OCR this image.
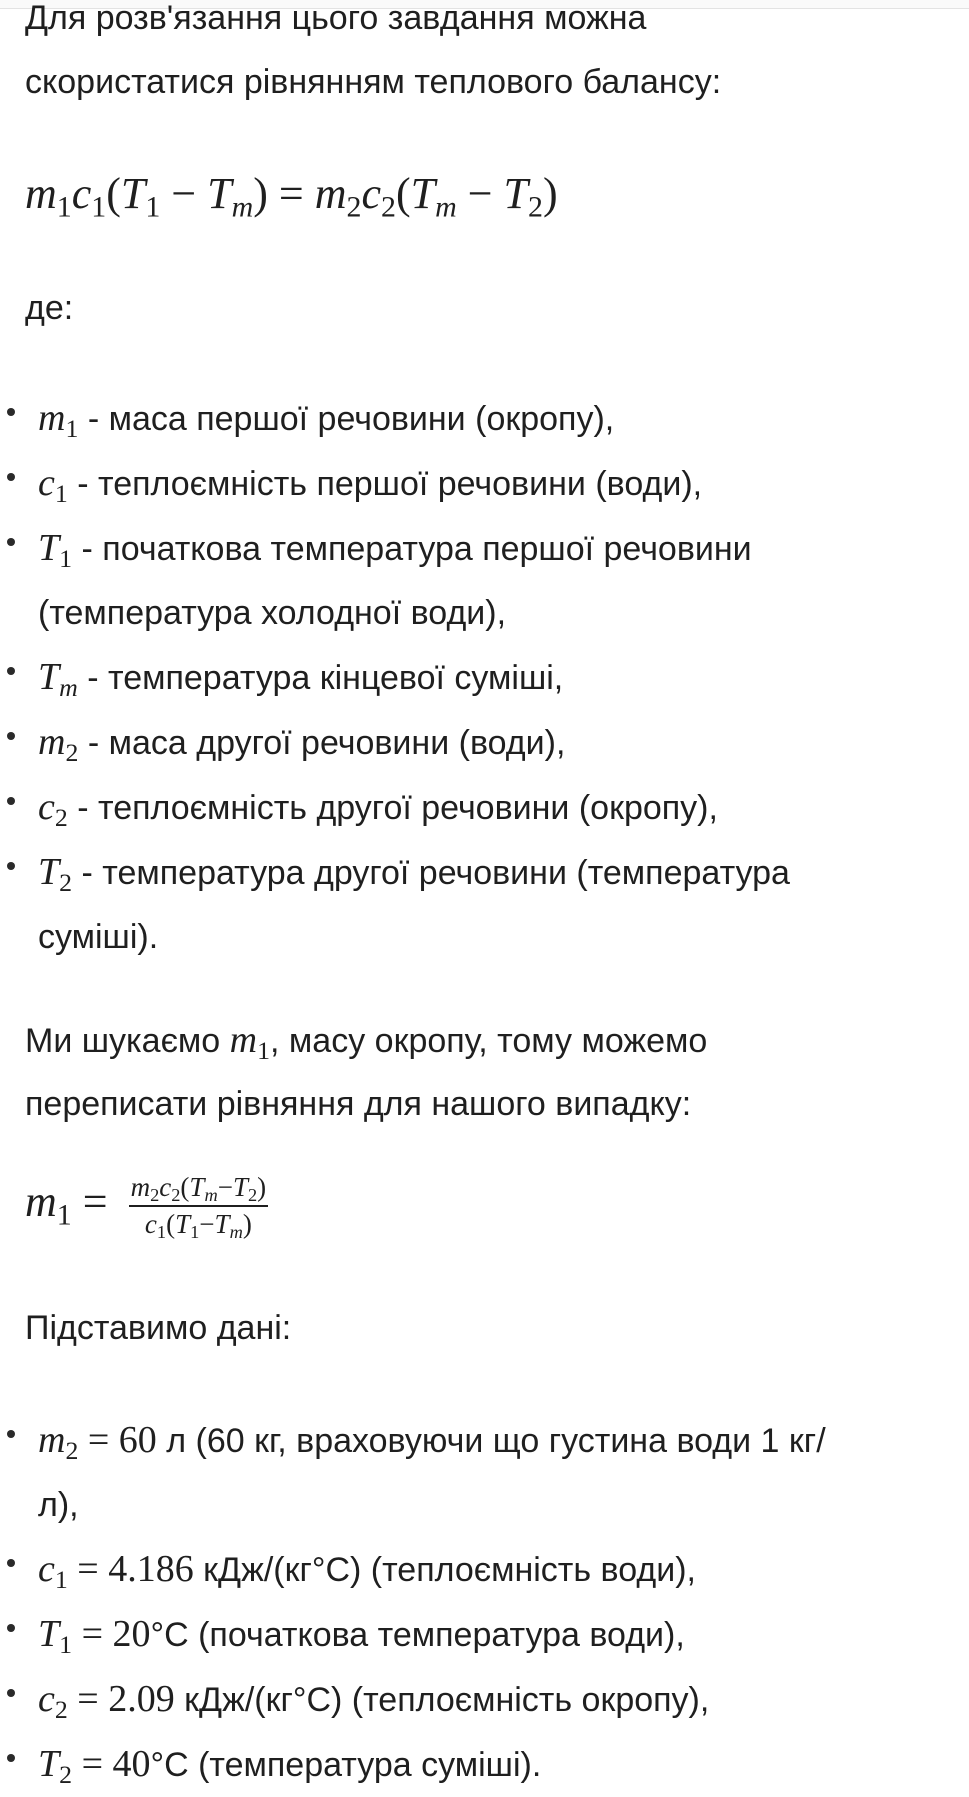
Для розв'язання цього завдання можна
скористатися рівнянням теплового балансу:
$m_1c_1(T_1 - T_m) = m_2c_2(T_m - T_2)$
де:
$m_1$ - маса першої речовини (окропу),
$c_1$ - теплоємність першої речовини (води),
$T_1$ - початкова температура першої речовини
(температура холодної води),
$T_m$ - температура кінцевої суміші,
$m_2$ - маса другої речовини (води),
$c_2$ - теплоємність другої речовини (окропу),
$T_2$ - температура другої речовини (температура
суміші).
Ми шукаємо $m_1$, масу окропу, тому можемо
переписати рівняння для нашого випадку:
$m_1 = \frac{m_2c_2(T_m-T_2)}{c_1(T_1-T_m)}$
Підставимо дані:
$m_2 = 60$ л (60 кг, враховуючи що густина води 1 кг/
л),
$c_1 = 4.186$ кДж/(кг°С) (теплоємність води),
$T_1 = 20^\circ С$ (початкова температура води),
$c_2 = 2.09$ кДж/(кг°С) (теплоємність окропу),
$T_2 = 40^\circ С$ (температура суміші).
